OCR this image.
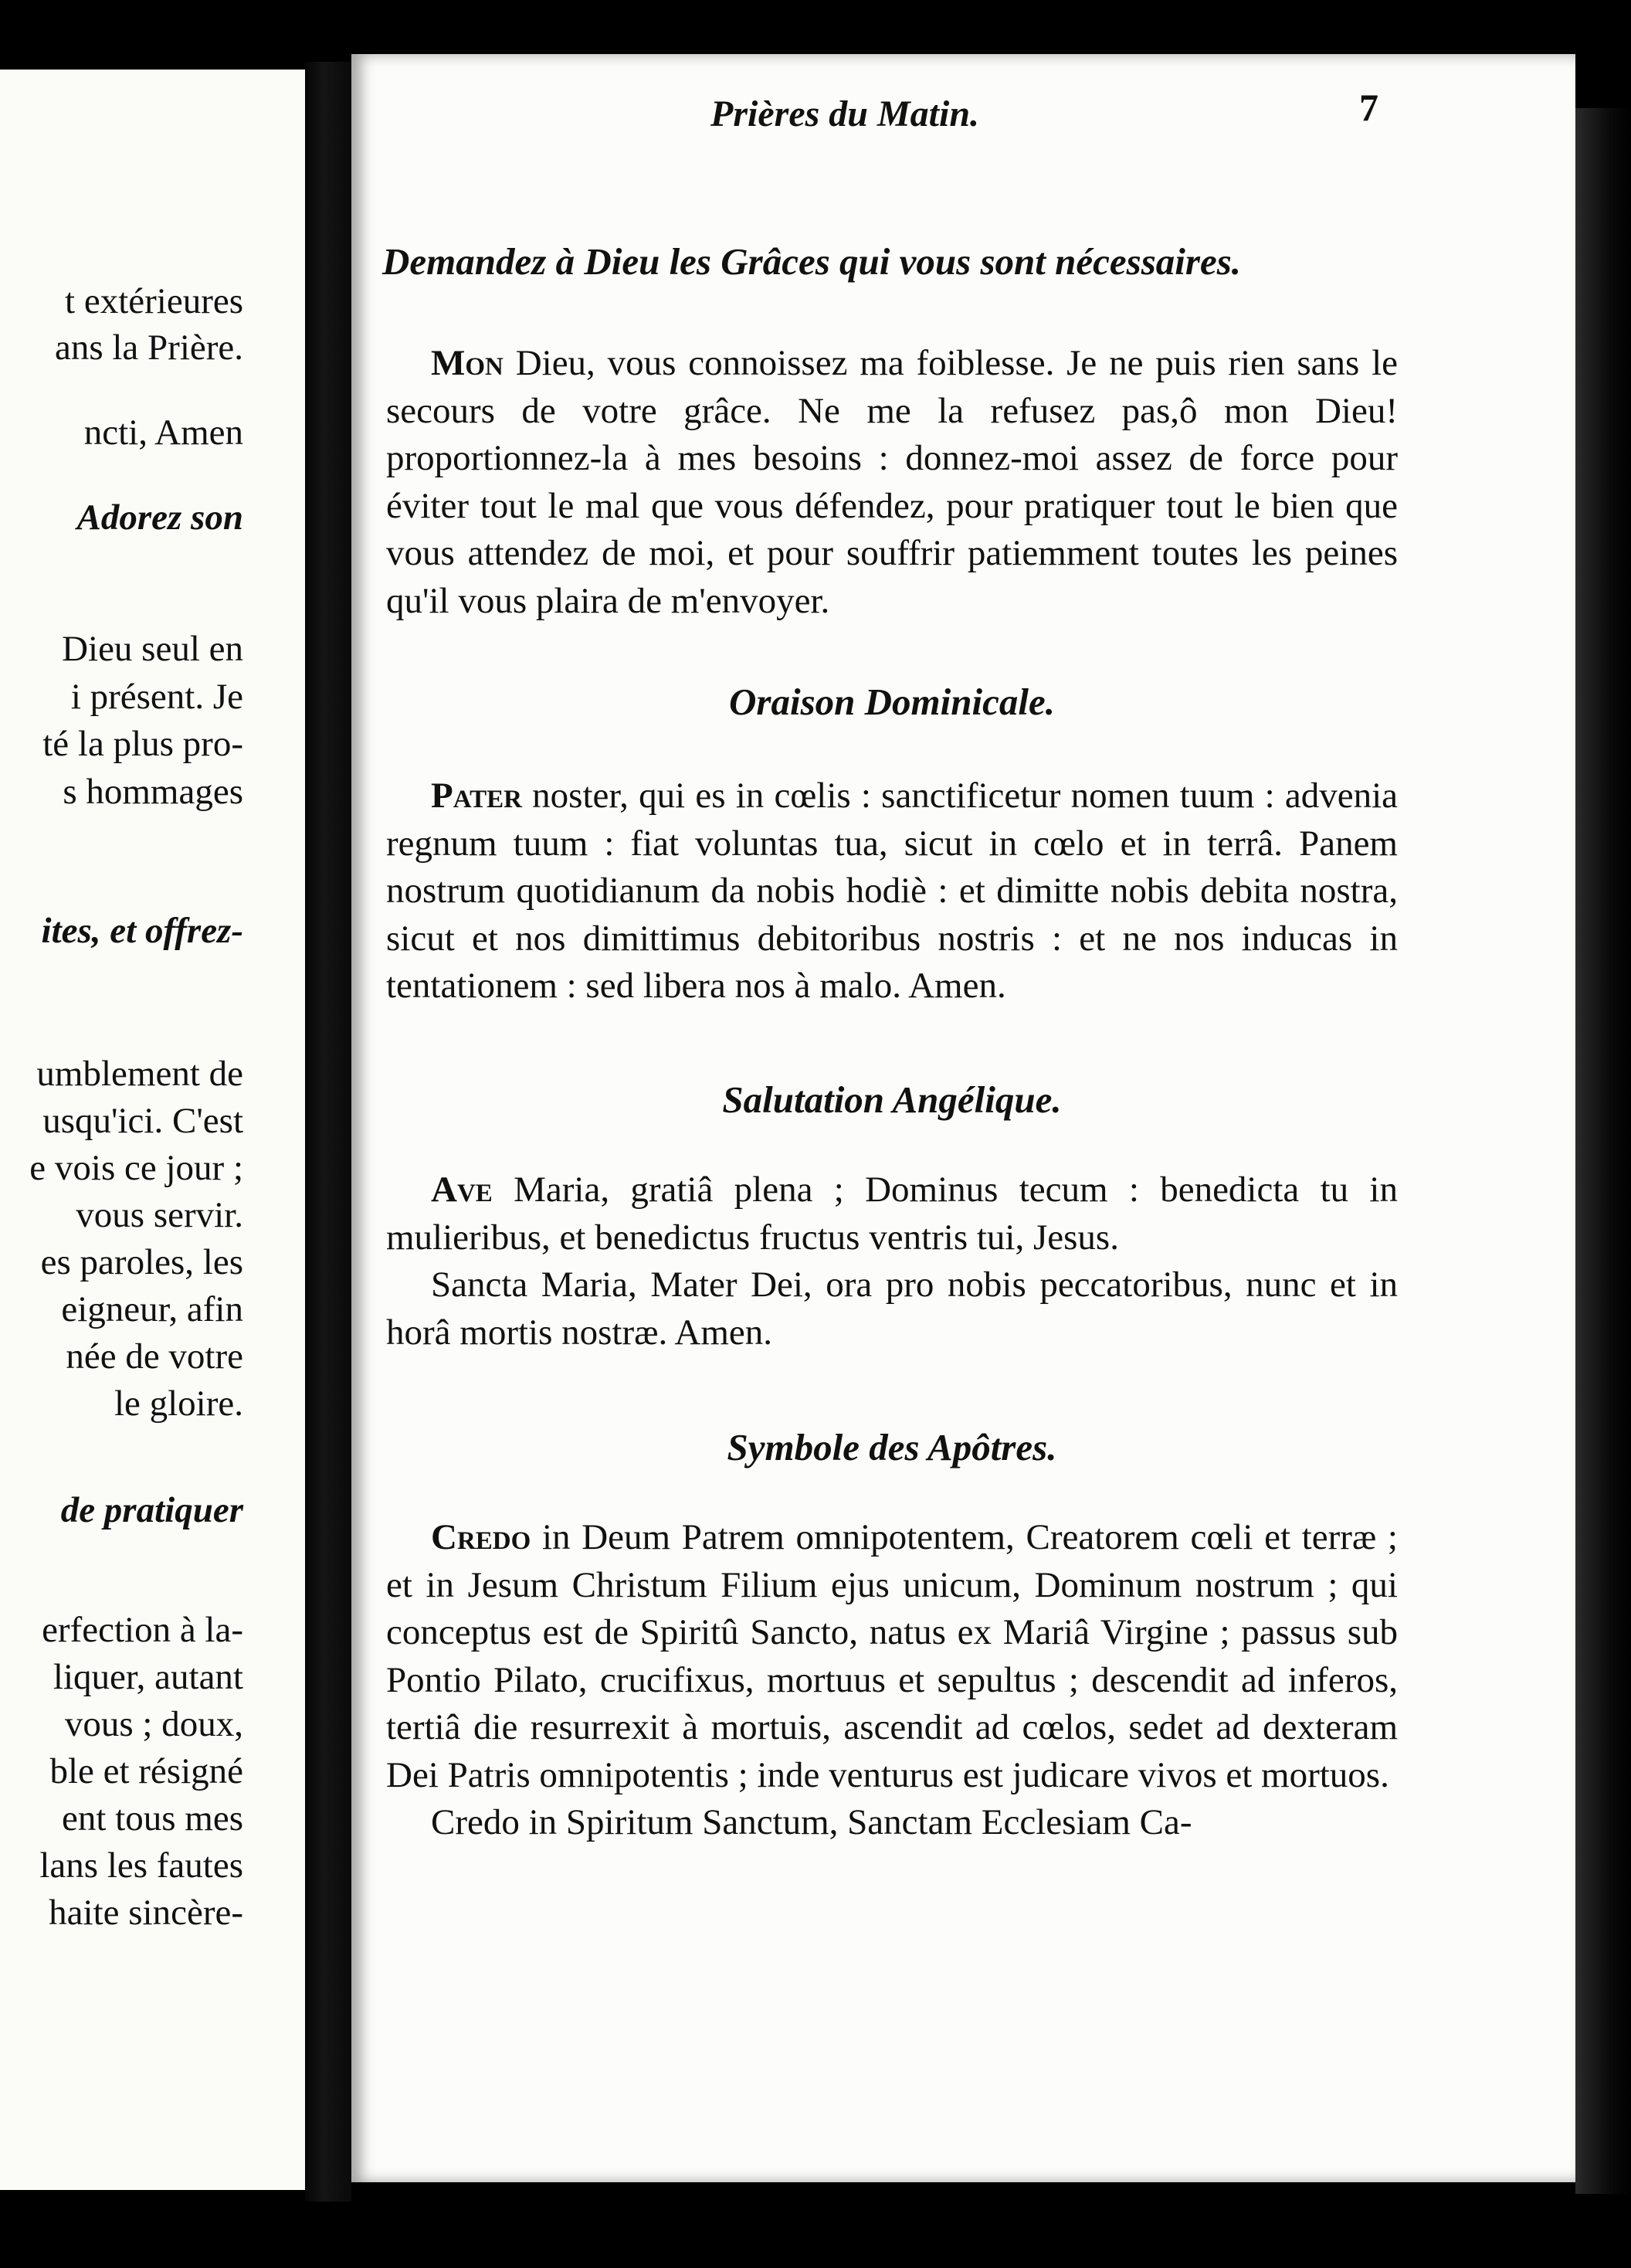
t extérieures
ans la Prière.
ncti, Amen
Adorez son
Dieu seul en
i présent. Je
té la plus pro-
s hommages
ites, et offrez-
umblement de
usqu'ici. C'est
e vois ce jour ;
vous servir.
es paroles, les
eigneur, afin
née de votre
le gloire.
de pratiquer
erfection à la-
liquer, autant
vous ; doux,
ble et résigné
ent tous mes
lans les fautes
haite sincère-
Prières du Matin.	7
Demandez à Dieu les Grâces qui vous sont nécessaires.

Mon Dieu, vous connoissez ma foiblesse. Je ne puis rien sans le secours de votre grâce. Ne me la refusez pas,ô mon Dieu! proportionnez-la à mes besoins : donnez-moi assez de force pour éviter tout le mal que vous défendez, pour pratiquer tout le bien que vous attendez de moi, et pour souffrir patiemment toutes les peines qu'il vous plaira de m'envoyer.

Oraison Dominicale.

Pater noster, qui es in cœlis : sanctificetur nomen tuum : advenia regnum tuum : fiat voluntas tua, sicut in cœlo et in terrâ. Panem nostrum quotidianum da nobis hodiè : et dimitte nobis debita nostra, sicut et nos dimittimus debitoribus nostris : et ne nos inducas in tentationem : sed libera nos à malo. Amen.

Salutation Angélique.

Ave Maria, gratiâ plena ; Dominus tecum : benedicta tu in mulieribus, et benedictus fructus ventris tui, Jesus.

Sancta Maria, Mater Dei, ora pro nobis peccatoribus, nunc et in horâ mortis nostræ. Amen.

Symbole des Apôtres.

Credo in Deum Patrem omnipotentem, Creatorem cœli et terræ ; et in Jesum Christum Filium ejus unicum, Dominum nostrum ; qui conceptus est de Spiritû Sancto, natus ex Mariâ Virgine ; passus sub Pontio Pilato, crucifixus, mortuus et sepultus ; descendit ad inferos, tertiâ die resurrexit à mortuis, ascendit ad cœlos, sedet ad dexteram Dei Patris omnipotentis ; inde venturus est judicare vivos et mortuos.

Credo in Spiritum Sanctum, Sanctam Ecclesiam Ca-
